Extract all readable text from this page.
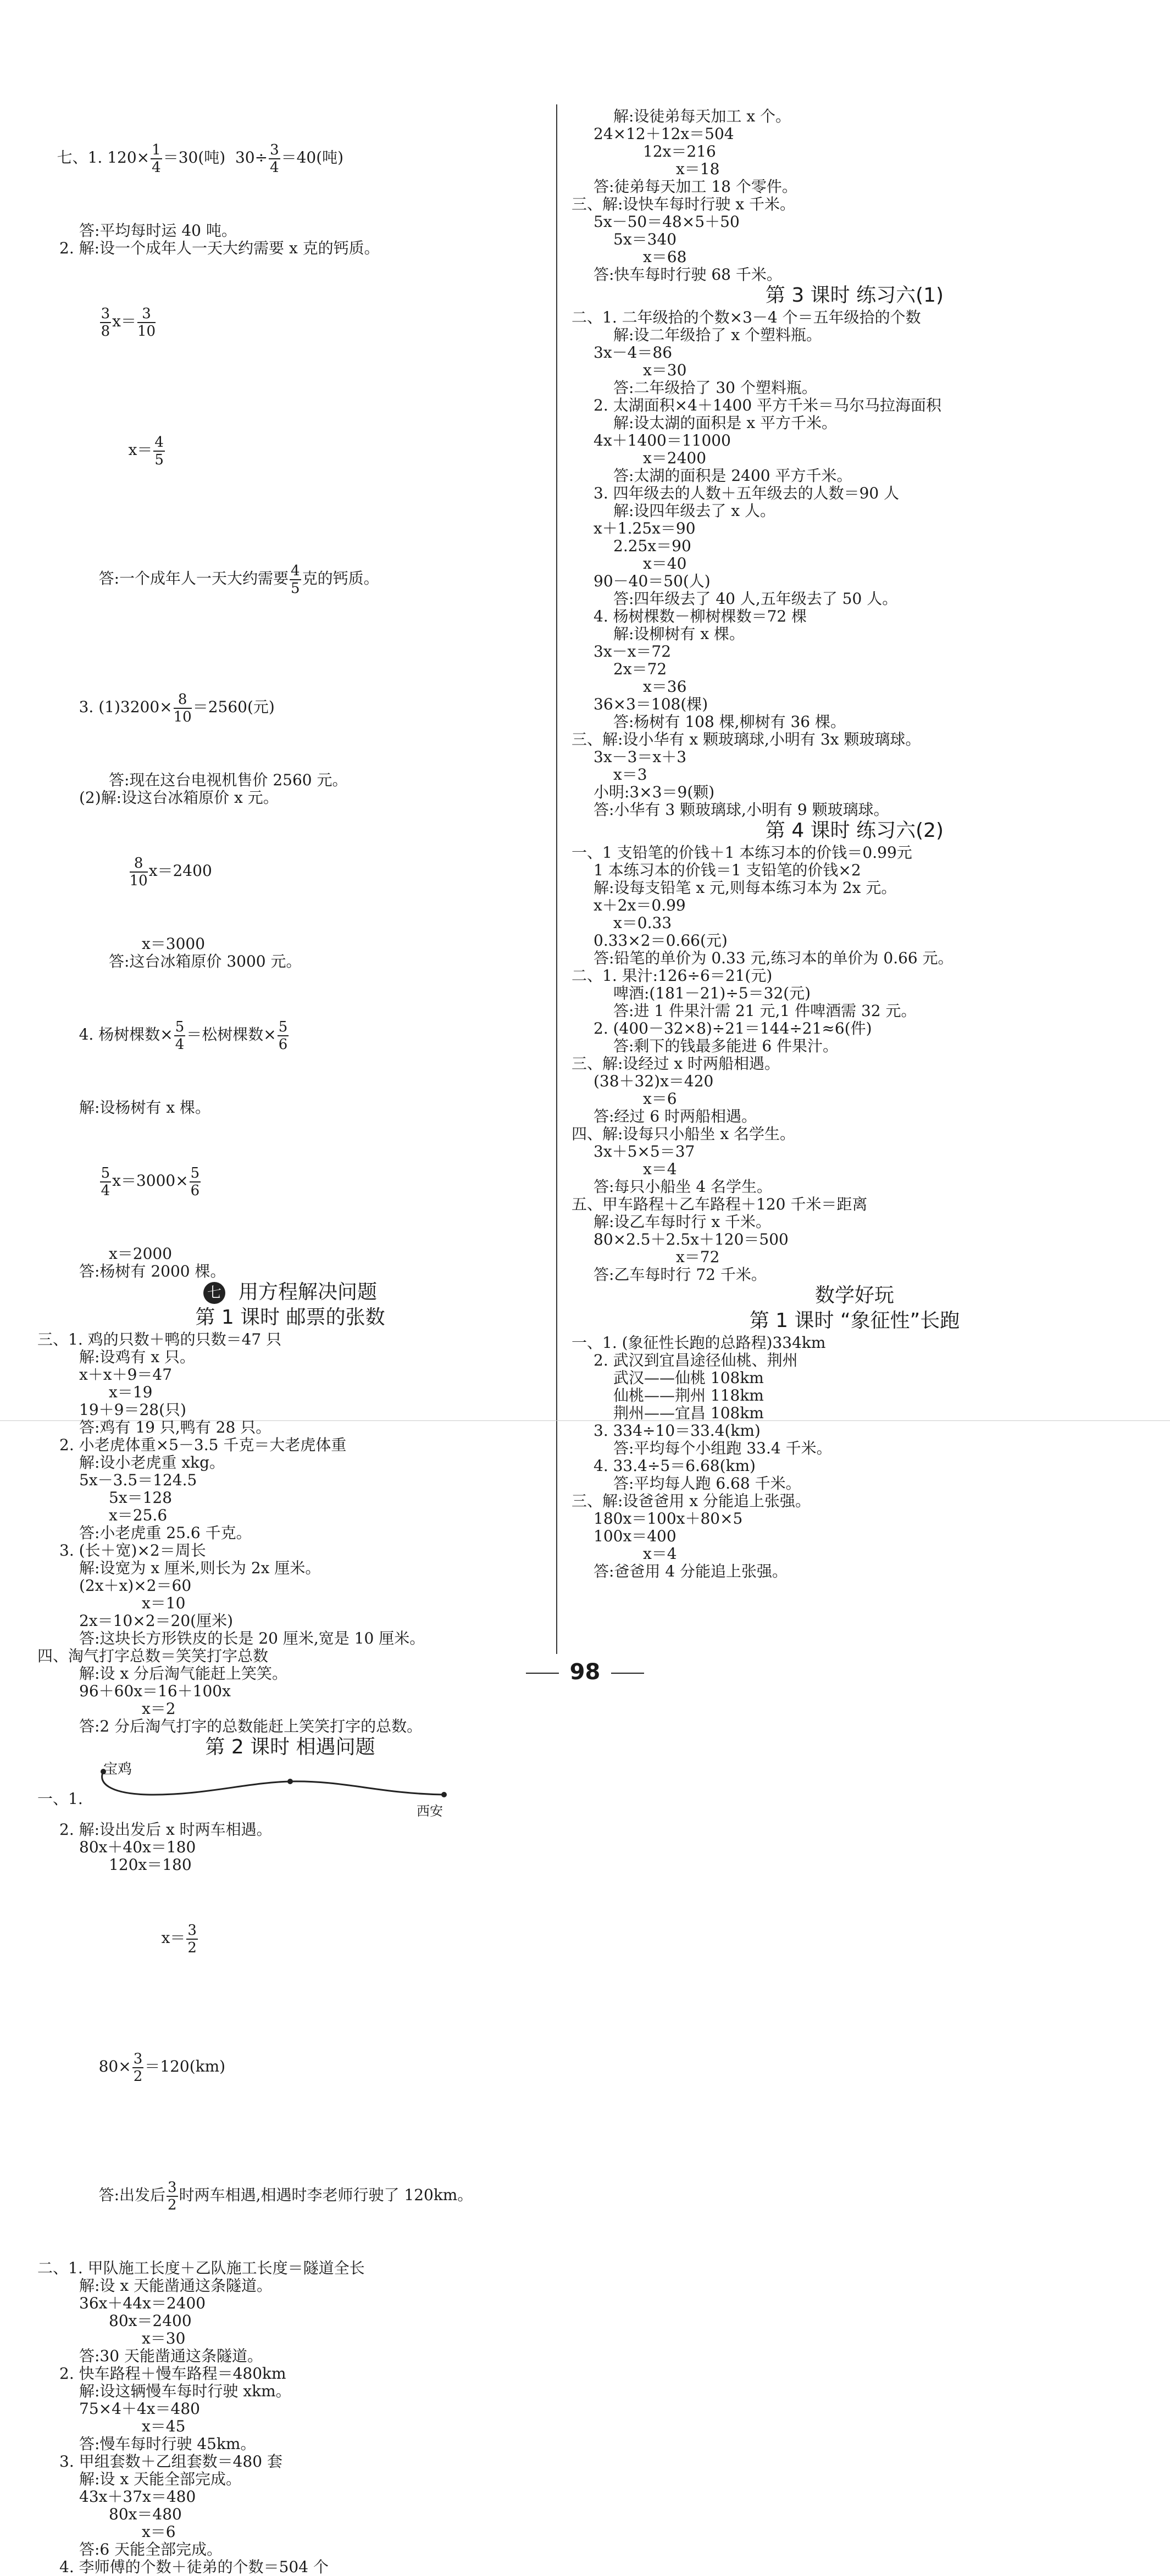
七、1. $120\times \frac{1}{4} =30$(吨)  $30\div \frac{3}{4} =40$(吨)

答:平均每时运 40 吨。
2. 解:设一个成年人一天大约需要 x 克的钙质。

$\frac{3}{8} x= \frac{3}{10}$

$x= \frac{4}{5}$

答:一个成年人一天大约需要 $\frac{4}{5}$ 克的钙质。

3. $(1)3200\times \frac{8}{10} =2560$(元)

答:现在这台电视机售价 2560 元。
(2)解:设这台冰箱原价 x 元。

$\frac{8}{10} x=2400$

x＝3000
答:这台冰箱原价 3000 元。

4. 杨树棵数× $\frac{5}{4}$ ＝松树棵数× $\frac{5}{6}$

解:设杨树有 x 棵。

$\frac{5}{4} x=3000\times \frac{5}{6}$

x＝2000
答:杨树有 2000 棵。
七 用方程解决问题
第 1 课时 邮票的张数
三、1. 鸡的只数＋鸭的只数＝47 只
解:设鸡有 x 只。
x＋x＋9＝47
x＝19
19＋9＝28(只)
答:鸡有 19 只,鸭有 28 只。
2. 小老虎体重×5－3.5 千克＝大老虎体重
解:设小老虎重 xkg。
5x－3.5＝124.5
5x＝128
x＝25.6
答:小老虎重 25.6 千克。
3. (长＋宽)×2＝周长
解:设宽为 x 厘米,则长为 2x 厘米。
(2x＋x)×2＝60
x＝10
2x＝10×2＝20(厘米)
答:这块长方形铁皮的长是 20 厘米,宽是 10 厘米。
四、淘气打字总数＝笑笑打字总数
解:设 x 分后淘气能赶上笑笑。
96＋60x＝16＋100x
x＝2
答:2 分后淘气打字的总数能赶上笑笑打字的总数。
第 2 课时 相遇问题
一、1.
宝鸡
西安
2. 解:设出发后 x 时两车相遇。
80x＋40x＝180
120x＝180

$x= \frac{3}{2}$

$80\times \frac{3}{2} =120(km)$

答:出发后 $\frac{3}{2}$ 时两车相遇,相遇时李老师行驶了 120km。

二、1. 甲队施工长度＋乙队施工长度＝隧道全长
解:设 x 天能凿通这条隧道。
36x＋44x＝2400
80x＝2400
x＝30
答:30 天能凿通这条隧道。
2. 快车路程＋慢车路程＝480km
解:设这辆慢车每时行驶 xkm。
75×4＋4x＝480
x＝45
答:慢车每时行驶 45km。
3. 甲组套数＋乙组套数＝480 套
解:设 x 天能全部完成。
43x＋37x＝480
80x＝480
x＝6
答:6 天能全部完成。
4. 李师傅的个数＋徒弟的个数＝504 个
解:设徒弟每天加工 x 个。
24×12＋12x＝504
12x＝216
x＝18
答:徒弟每天加工 18 个零件。
三、解:设快车每时行驶 x 千米。
5x－50＝48×5＋50
5x＝340
x＝68
答:快车每时行驶 68 千米。
第 3 课时 练习六(1)
二、1. 二年级拾的个数×3－4 个＝五年级拾的个数
解:设二年级拾了 x 个塑料瓶。
3x－4＝86
x＝30
答:二年级拾了 30 个塑料瓶。
2. 太湖面积×4＋1400 平方千米＝马尔马拉海面积
解:设太湖的面积是 x 平方千米。
4x＋1400＝11000
x＝2400
答:太湖的面积是 2400 平方千米。
3. 四年级去的人数＋五年级去的人数＝90 人
解:设四年级去了 x 人。
x＋1.25x＝90
2.25x＝90
x＝40
90－40＝50(人)
答:四年级去了 40 人,五年级去了 50 人。
4. 杨树棵数－柳树棵数＝72 棵
解:设柳树有 x 棵。
3x－x＝72
2x＝72
x＝36
36×3＝108(棵)
答:杨树有 108 棵,柳树有 36 棵。
三、解:设小华有 x 颗玻璃球,小明有 3x 颗玻璃球。
3x－3＝x＋3
x＝3
小明:3×3＝9(颗)
答:小华有 3 颗玻璃球,小明有 9 颗玻璃球。
第 4 课时 练习六(2)
一、1 支铅笔的价钱＋1 本练习本的价钱＝0.99元
1 本练习本的价钱＝1 支铅笔的价钱×2
解:设每支铅笔 x 元,则每本练习本为 2x 元。
x＋2x＝0.99
x＝0.33
0.33×2＝0.66(元)
答:铅笔的单价为 0.33 元,练习本的单价为 0.66 元。
二、1. 果汁:126÷6＝21(元)
啤酒:(181－21)÷5＝32(元)
答:进 1 件果汁需 21 元,1 件啤酒需 32 元。
2. (400－32×8)÷21＝144÷21≈6(件)
答:剩下的钱最多能进 6 件果汁。
三、解:设经过 x 时两船相遇。
(38＋32)x＝420
x＝6
答:经过 6 时两船相遇。
四、解:设每只小船坐 x 名学生。
3x＋5×5＝37
x＝4
答:每只小船坐 4 名学生。
五、甲车路程＋乙车路程＋120 千米＝距离
解:设乙车每时行 x 千米。
80×2.5＋2.5x＋120＝500
x＝72
答:乙车每时行 72 千米。
数学好玩
第 1 课时 “象征性”长跑
一、1. (象征性长跑的总路程)334km
2. 武汉到宜昌途径仙桃、荆州
武汉——仙桃 108km
仙桃——荆州 118km
荆州——宜昌 108km
3. 334÷10＝33.4(km)
答:平均每个小组跑 33.4 千米。
4. 33.4÷5＝6.68(km)
答:平均每人跑 6.68 千米。
三、解:设爸爸用 x 分能追上张强。
180x＝100x＋80×5
100x＝400
x＝4
答:爸爸用 4 分能追上张强。
98
